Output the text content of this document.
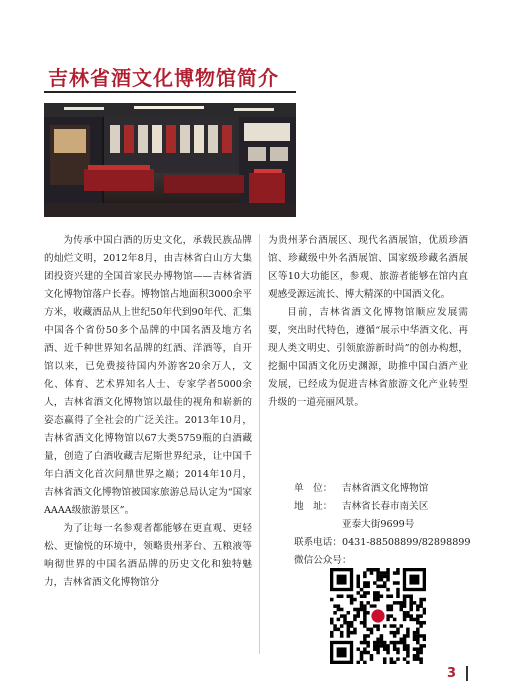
吉林省酒文化博物馆简介

为传承中国白酒的历史文化，承载民族品牌的灿烂文明，2012年8月，由吉林省白山方大集团投资兴建的全国首家民办博物馆——吉林省酒文化博物馆落户长春。博物馆占地面积3000余平方米，收藏酒品从上世纪50年代到90年代、汇集中国各个省份50多个品牌的中国名酒及地方名酒、近千种世界知名品牌的红酒、洋酒等，自开馆以来，已免费接待国内外游客20余万人，文化、体育、艺术界知名人士、专家学者5000余人，吉林省酒文化博物馆以最佳的视角和崭新的姿态赢得了全社会的广泛关注。2013年10月，吉林省酒文化博物馆以67大类5759瓶的白酒藏量，创造了白酒收藏吉尼斯世界纪录，让中国千年白酒文化首次问鼎世界之巅；2014年10月，吉林省酒文化博物馆被国家旅游总局认定为“国家AAAA级旅游景区”。

为了让每一名参观者都能够在更直观、更轻松、更愉悦的环境中，领略贵州茅台、五粮液等响彻世界的中国名酒品牌的历史文化和独特魅力，吉林省酒文化博物馆分

为贵州茅台酒展区、现代名酒展馆，优质珍酒馆、珍藏级中外名酒展馆、国家级珍藏名酒展区等10大功能区，参观、旅游者能够在馆内直观感受源远流长、博大精深的中国酒文化。

目前，吉林省酒文化博物馆顺应发展需要，突出时代特色，遵循“展示中华酒文化、再现人类文明史、引领旅游新时尚”的创办构想，挖掘中国酒文化历史渊源，助推中国白酒产业发展，已经成为促进吉林省旅游文化产业转型升级的一道亮丽风景。

单　位： 吉林省酒文化博物馆
地　址： 吉林省长春市南关区
亚泰大街9699号
联系电话：0431-88508899/82898899
微信公众号：
3
